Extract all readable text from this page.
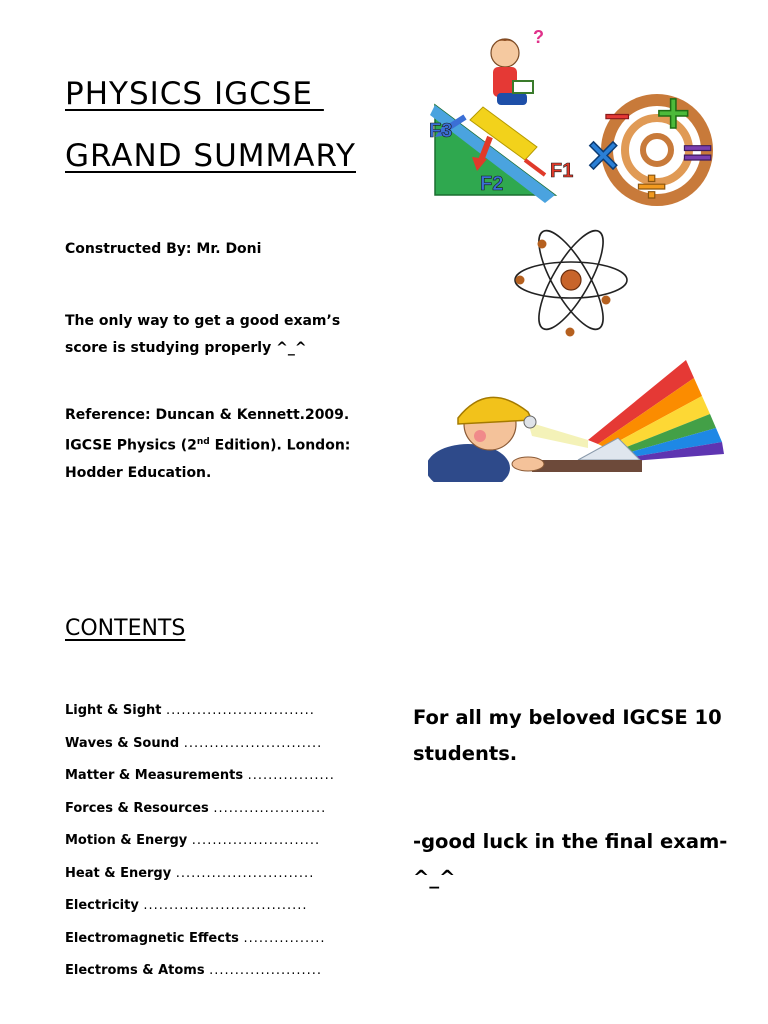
PHYSICS IGCSE
GRAND SUMMARY
Constructed By: Mr. Doni
The only way to get a good exam’s
score is studying properly ^_^
Reference: Duncan & Kennett.2009.
IGCSE Physics (2nd Edition). London:
Hodder Education.
CONTENTS
Light & Sight .............................
Waves & Sound ...........................
Matter & Measurements .................
Forces & Resources ......................
Motion & Energy .........................
Heat & Energy ...........................
Electricity ................................
Electromagnetic Effects ................
Electroms & Atoms ......................
For all my beloved IGCSE 10
students.
-good luck in the final exam-
^_^
?
F3
F2
F1 ×
+
−
÷
=
